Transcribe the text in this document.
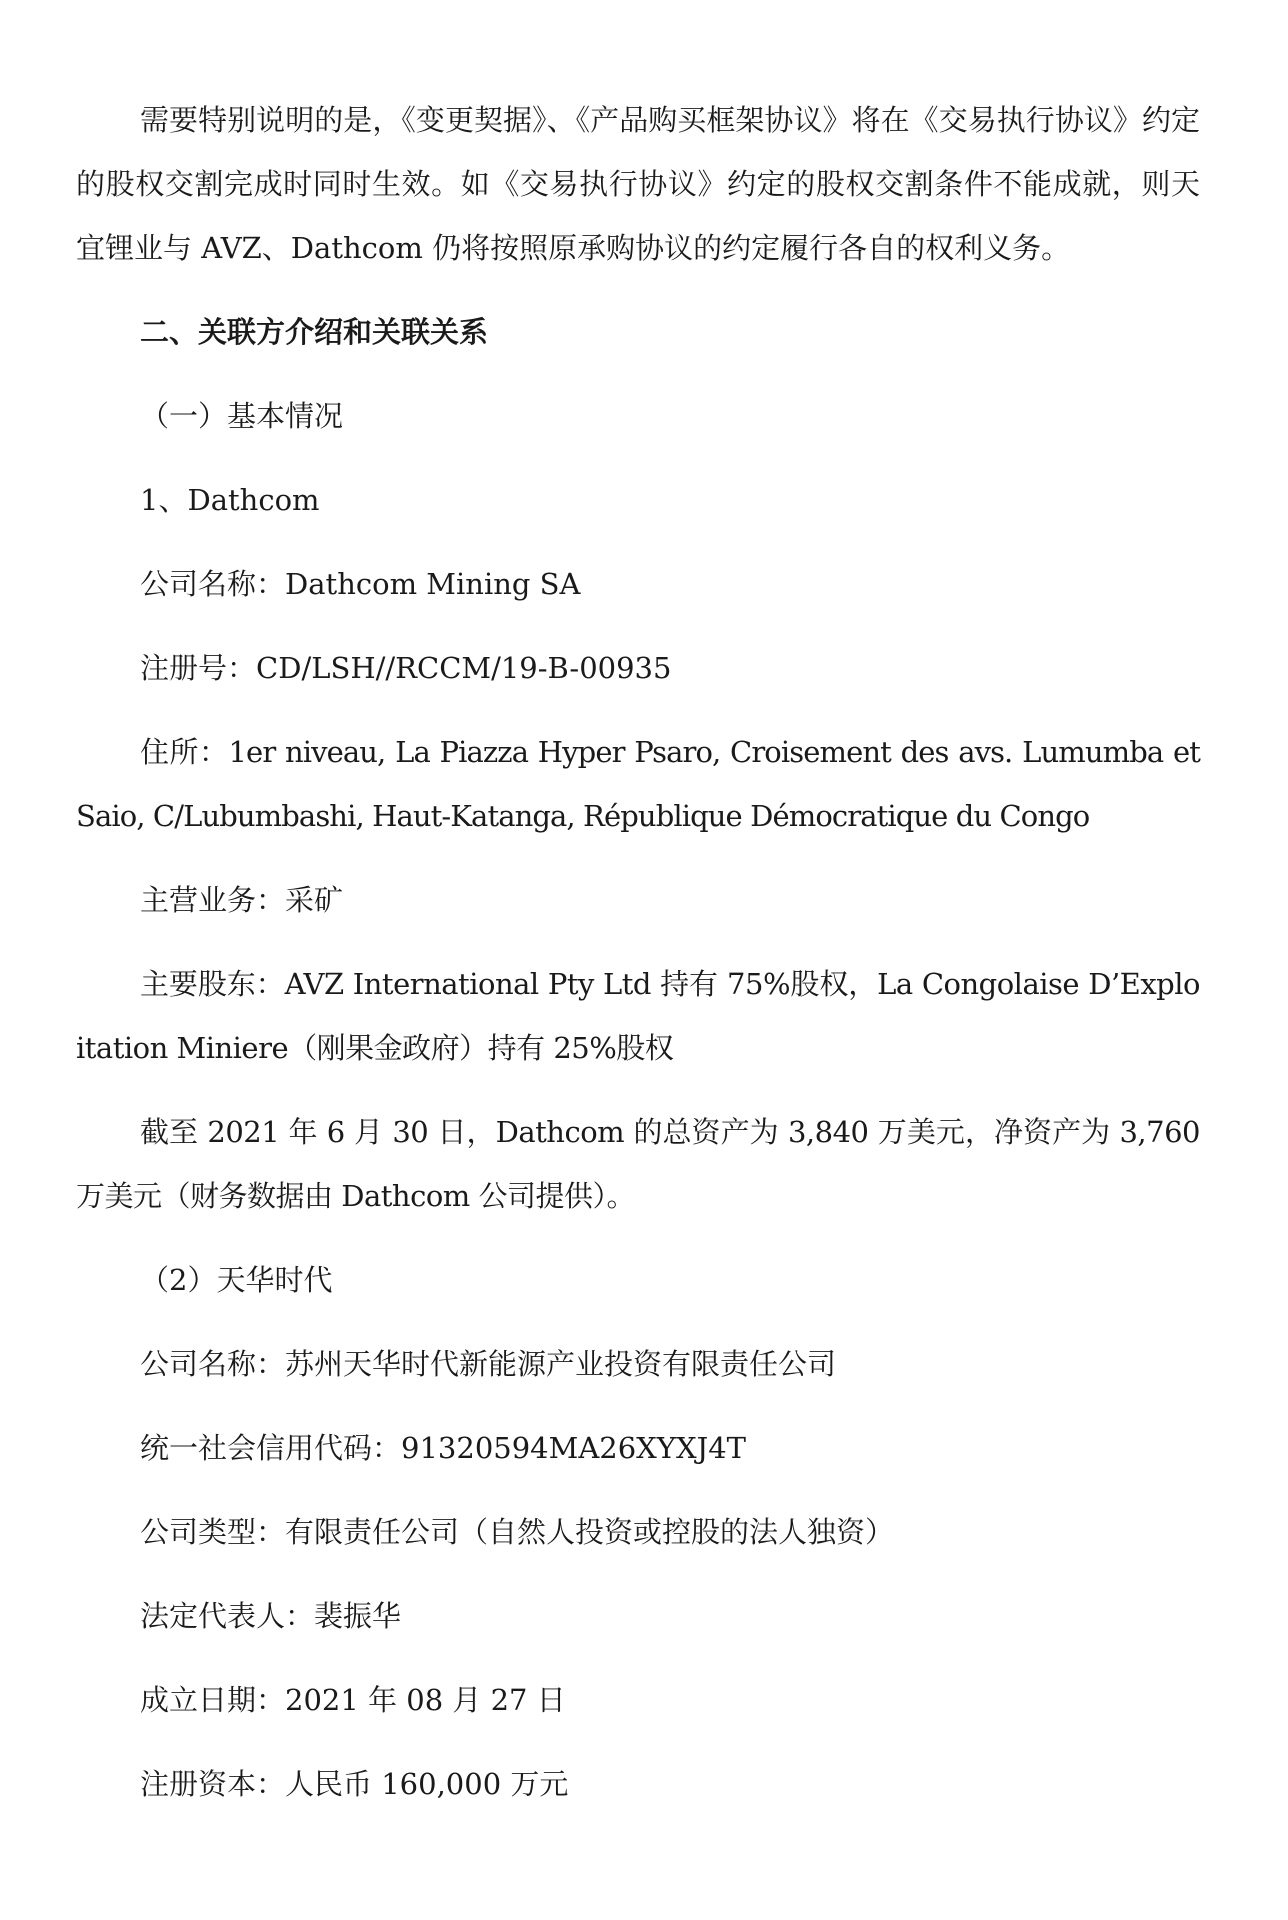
需要特别说明的是，《变更契据》、《产品购买框架协议》将在《交易执行协议》约定的股权交割完成时同时生效。如《交易执行协议》约定的股权交割条件不能成就，则天宜锂业与 AVZ、Dathcom 仍将按照原承购协议的约定履行各自的权利义务。

二、关联方介绍和关联关系

（一）基本情况

1、Dathcom

公司名称：Dathcom Mining SA

注册号：CD/LSH//RCCM/19-B-00935

住所：1er niveau, La Piazza Hyper Psaro, Croisement des avs. Lumumba et Saio, C/Lubumbashi, Haut-Katanga, République Démocratique du Congo

主营业务：采矿

主要股东：AVZ International Pty Ltd 持有 75%股权，La Congolaise D’Exploitation Miniere（刚果金政府）持有 25%股权

截至 2021 年 6 月 30 日，Dathcom 的总资产为 3,840 万美元，净资产为 3,760 万美元（财务数据由 Dathcom 公司提供）。

（2）天华时代

公司名称：苏州天华时代新能源产业投资有限责任公司

统一社会信用代码：91320594MA26XYXJ4T

公司类型：有限责任公司（自然人投资或控股的法人独资）

法定代表人：裴振华

成立日期：2021 年 08 月 27 日

注册资本：人民币 160,000 万元
